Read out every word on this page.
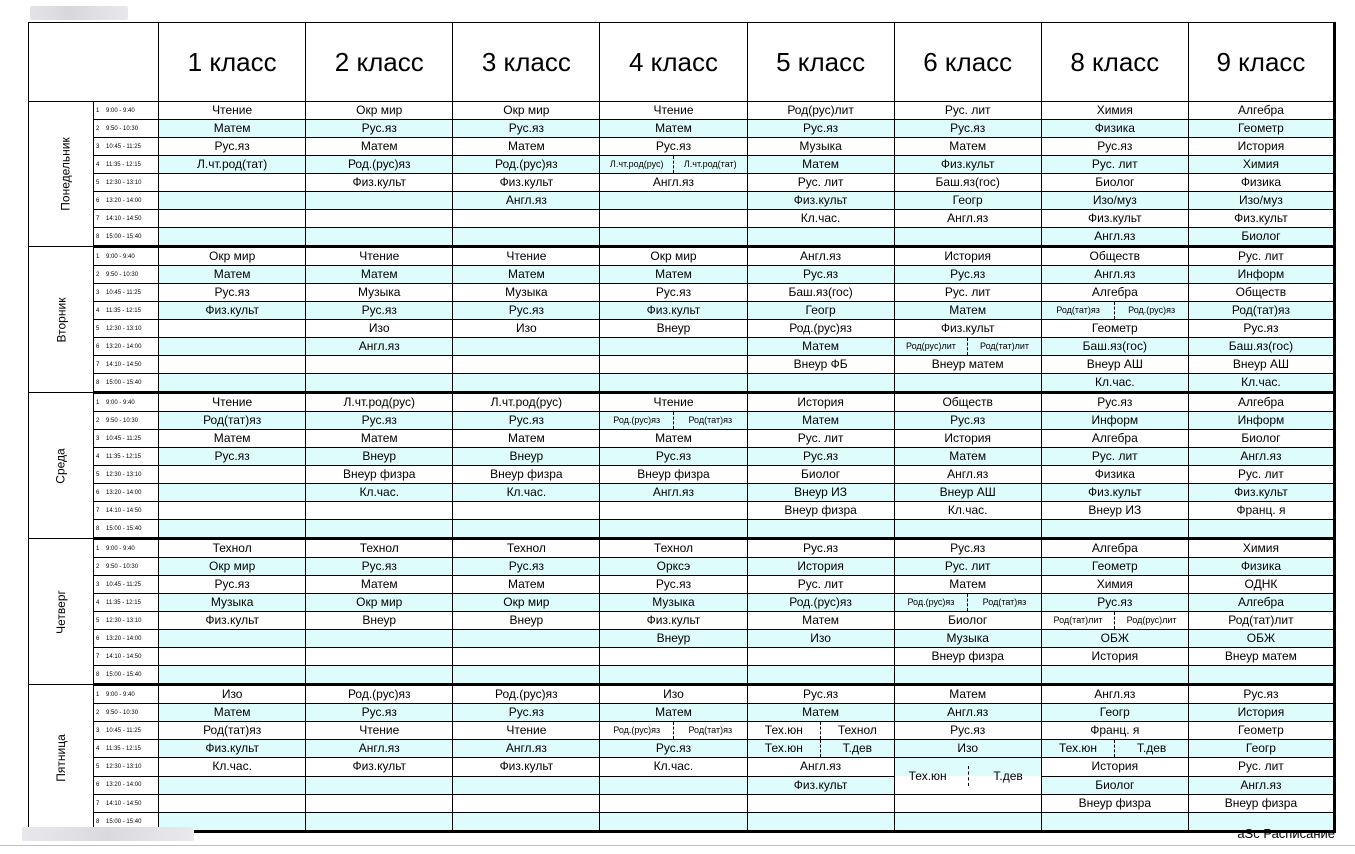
		1 класс	2 класс	3 класс	4 класс	5 класс	6 класс	8 класс	9 класс
Понедельник	1 9:00 - 9:40	Чтение	Окр мир	Окр мир	Чтение	Род(рус)лит	Рус. лит	Химия	Алгебра
	2 9:50 - 10:30	Матем	Рус.яз	Рус.яз	Матем	Рус.яз	Рус.яз	Физика	Геометр
	3 10:45 - 11:25	Рус.яз	Матем	Матем	Рус.яз	Музыка	Матем	Рус.яз	История
	4 11:35 - 12:15	Л.чт.род(тат)	Род.(рус)яз	Род.(рус)яз	Л.чт.род(рус) Л.чт.род(тат)	Матем	Физ.культ	Рус. лит	Химия
	5 12:30 - 13:10		Физ.культ	Физ.культ	Англ.яз	Рус. лит	Баш.яз(гос)	Биолог	Физика
	6 13:20 - 14:00			Англ.яз		Физ.культ	Геогр	Изо/муз	Изо/муз
	7 14:10 - 14:50					Кл.час.	Англ.яз	Физ.культ	Физ.культ
	8 15:00 - 15:40							Англ.яз	Биолог
Вторник	1 9:00 - 9:40	Окр мир	Чтение	Чтение	Окр мир	Англ.яз	История	Обществ	Рус. лит
	2 9:50 - 10:30	Матем	Матем	Матем	Матем	Рус.яз	Рус.яз	Англ.яз	Информ
	3 10:45 - 11:25	Рус.яз	Музыка	Музыка	Рус.яз	Баш.яз(гос)	Рус. лит	Алгебра	Обществ
	4 11:35 - 12:15	Физ.культ	Рус.яз	Рус.яз	Физ.культ	Геогр	Матем	Род(тат)яз Род.(рус)яз	Род(тат)яз
	5 12:30 - 13:10		Изо	Изо	Внеур	Род.(рус)яз	Физ.культ	Геометр	Рус.яз
	6 13:20 - 14:00		Англ.яз			Матем	Род(рус)лит Род(тат)лит	Баш.яз(гос)	Баш.яз(гос)
	7 14:10 - 14:50					Внеур ФБ	Внеур матем	Внеур АШ	Внеур АШ
	8 15:00 - 15:40							Кл.час.	Кл.час.
Среда	1 9:00 - 9:40	Чтение	Л.чт.род(рус)	Л.чт.род(рус)	Чтение	История	Обществ	Рус.яз	Алгебра
	2 9:50 - 10:30	Род(тат)яз	Рус.яз	Рус.яз	Род.(рус)яз Род(тат)яз	Матем	Рус.яз	Информ	Информ
	3 10:45 - 11:25	Матем	Матем	Матем	Матем	Рус. лит	История	Алгебра	Биолог
	4 11:35 - 12:15	Рус.яз	Внеур	Внеур	Рус.яз	Рус.яз	Матем	Рус. лит	Англ.яз
	5 12:30 - 13:10		Внеур физра	Внеур физра	Внеур физра	Биолог	Англ.яз	Физика	Рус. лит
	6 13:20 - 14:00		Кл.час.	Кл.час.	Англ.яз	Внеур ИЗ	Внеур АШ	Физ.культ	Физ.культ
	7 14:10 - 14:50					Внеур физра	Кл.час.	Внеур ИЗ	Франц. я
	8 15:00 - 15:40								
Четверг	1 9:00 - 9:40	Технол	Технол	Технол	Технол	Рус.яз	Рус.яз	Алгебра	Химия
	2 9:50 - 10:30	Окр мир	Рус.яз	Рус.яз	Орксэ	История	Рус. лит	Геометр	Физика
	3 10:45 - 11:25	Рус.яз	Матем	Матем	Рус.яз	Рус. лит	Матем	Химия	ОДНК
	4 11:35 - 12:15	Музыка	Окр мир	Окр мир	Музыка	Род.(рус)яз	Род.(рус)яз Род(тат)яз	Рус.яз	Алгебра
	5 12:30 - 13:10	Физ.культ	Внеур	Внеур	Физ.культ	Матем	Биолог	Род(тат)лит Род(рус)лит	Род(тат)лит
	6 13:20 - 14:00				Внеур	Изо	Музыка	ОБЖ	ОБЖ
	7 14:10 - 14:50						Внеур физра	История	Внеур матем
	8 15:00 - 15:40								
Пятница	1 9:00 - 9:40	Изо	Род.(рус)яз	Род.(рус)яз	Изо	Рус.яз	Матем	Англ.яз	Рус.яз
	2 9:50 - 10:30	Матем	Рус.яз	Рус.яз	Матем	Матем	Англ.яз	Геогр	История
	3 10:45 - 11:25	Род(тат)яз	Чтение	Чтение	Род.(рус)яз Род(тат)яз	Тех.юн Технол	Рус.яз	Франц. я	Геометр
	4 11:35 - 12:15	Физ.культ	Англ.яз	Англ.яз	Рус.яз	Тех.юн Т.дев	Изо	Тех.юн Т.дев	Геогр
	5 12:30 - 13:10	Кл.час.	Физ.культ	Физ.культ	Кл.час.	Англ.яз	Тех.юн Т.дев	История	Рус. лит
	6 13:20 - 14:00					Физ.культ		Биолог	Англ.яз
	7 14:10 - 14:50							Внеур физра	Внеур физра
	8 15:00 - 15:40								
aSc Расписание
